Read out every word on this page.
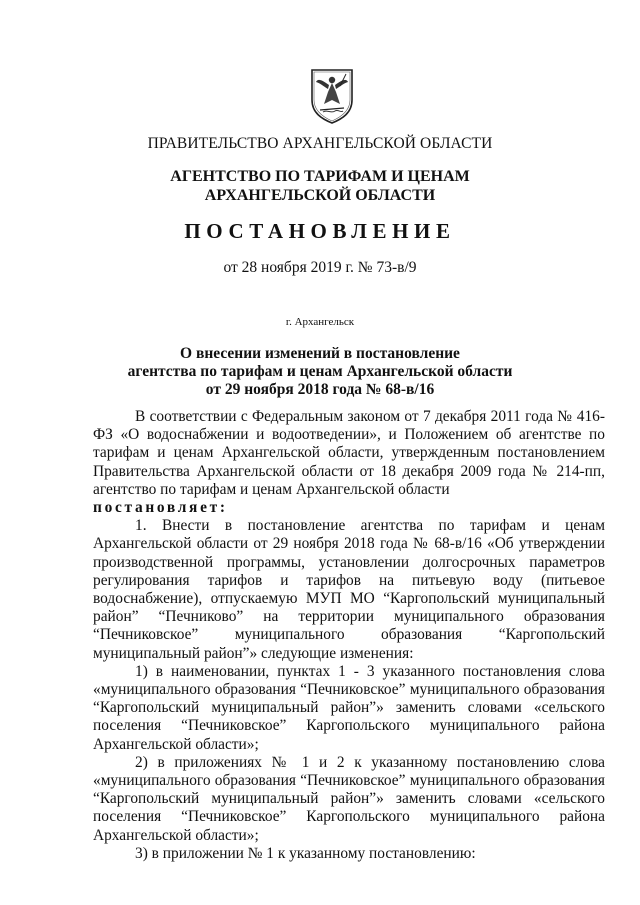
ПРАВИТЕЛЬСТВО АРХАНГЕЛЬСКОЙ ОБЛАСТИ
АГЕНТСТВО ПО ТАРИФАМ И ЦЕНАМ
АРХАНГЕЛЬСКОЙ ОБЛАСТИ
ПОСТАНОВЛЕНИЕ
от 28 ноября 2019 г. № 73-в/9
г. Архангельск
О внесении изменений в постановление
агентства по тарифам и ценам Архангельской области
от 29 ноября 2018 года № 68-в/16

В соответствии с Федеральным законом от 7 декабря 2011 года № 416-ФЗ «О водоснабжении и водоотведении», и Положением об агентстве по тарифам и ценам Архангельской области, утвержденным постановлением Правительства Архангельской области от 18 декабря 2009 года № 214-пп, агентство по тарифам и ценам Архангельской области

постановляет:

1. Внести в постановление агентства по тарифам и ценам Архангельской области от 29 ноября 2018 года № 68-в/16 «Об утверждении производственной программы, установлении долгосрочных параметров регулирования тарифов и тарифов на питьевую воду (питьевое водоснабжение), отпускаемую МУП МО “Каргопольский муниципальный район” “Печниково” на территории муниципального образования “Печниковское” муниципального образования “Каргопольский муниципальный район”» следующие изменения:

1) в наименовании, пунктах 1 - 3 указанного постановления слова «муниципального образования “Печниковское” муниципального образования “Каргопольский муниципальный район”» заменить словами «сельского поселения “Печниковское” Каргопольского муниципального района Архангельской области»;

2) в приложениях № 1 и 2 к указанному постановлению слова «муниципального образования “Печниковское” муниципального образования “Каргопольский муниципальный район”» заменить словами «сельского поселения “Печниковское” Каргопольского муниципального района Архангельской области»;

3) в приложении № 1 к указанному постановлению:
